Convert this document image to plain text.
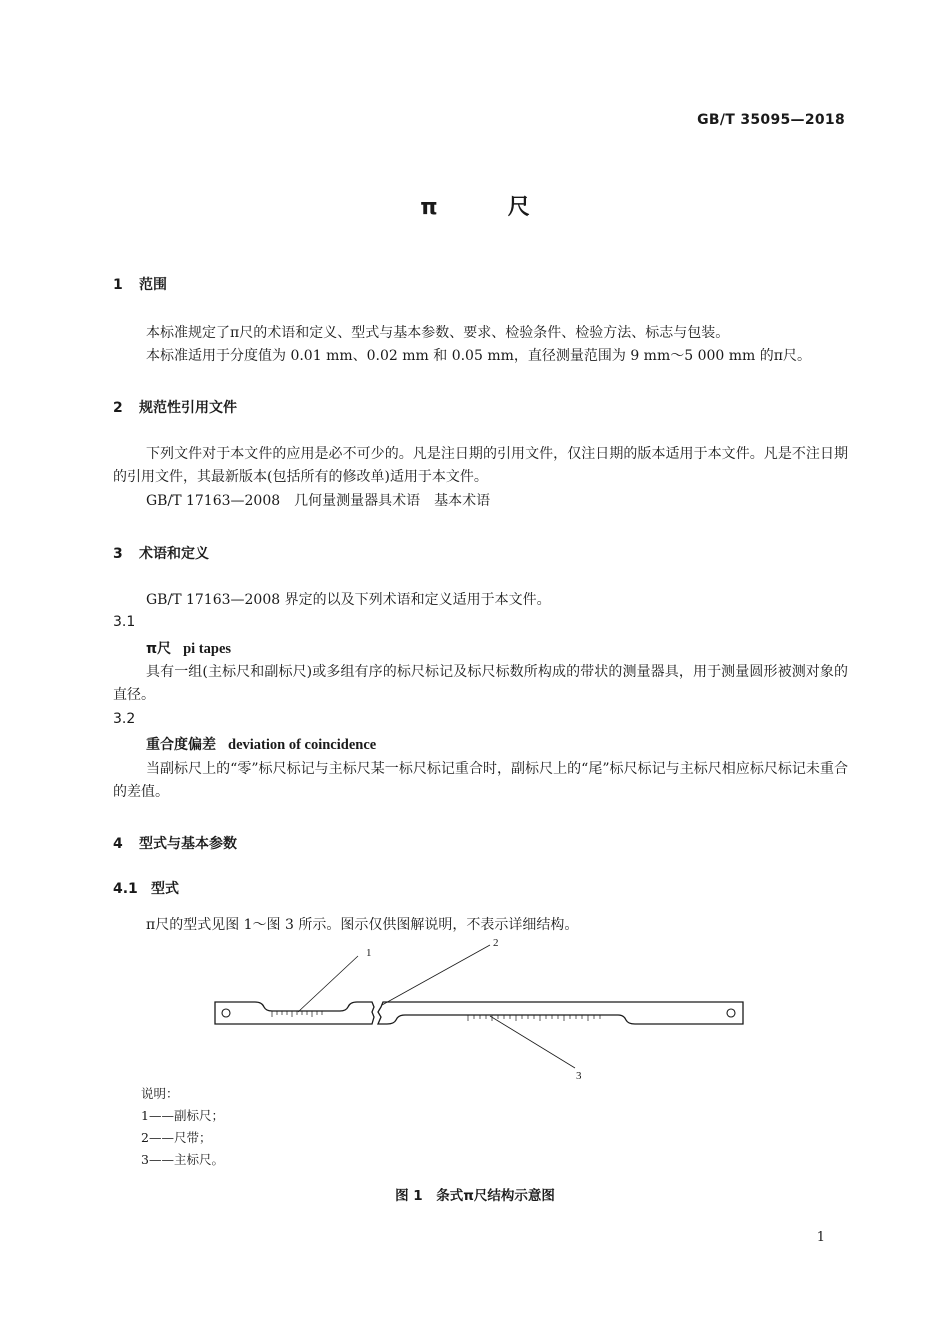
GB/T 35095—2018
π	尺
1 范围
本标准规定了π尺的术语和定义、型式与基本参数、要求、检验条件、检验方法、标志与包装。
本标准适用于分度值为 0.01 mm、0.02 mm 和 0.05 mm，直径测量范围为 9 mm～5 000 mm 的π尺。
2 规范性引用文件
下列文件对于本文件的应用是必不可少的。凡是注日期的引用文件，仅注日期的版本适用于本文件。凡是不注日期的引用文件，其最新版本(包括所有的修改单)适用于本文件。
GB/T 17163—2008　几何量测量器具术语　基本术语
3 术语和定义
GB/T 17163—2008 界定的以及下列术语和定义适用于本文件。
3.1
π尺 pi tapes
具有一组(主标尺和副标尺)或多组有序的标尺标记及标尺标数所构成的带状的测量器具，用于测量圆形被测对象的直径。
3.2
重合度偏差 deviation of coincidence
当副标尺上的“零”标尺标记与主标尺某一标尺标记重合时，副标尺上的“尾”标尺标记与主标尺相应标尺标记未重合的差值。
4 型式与基本参数
4.1 型式
π尺的型式见图 1～图 3 所示。图示仅供图解说明，不表示详细结构。
1
2
3
说明：
1——副标尺；
2——尺带；
3——主标尺。
图 1　条式π尺结构示意图
1
